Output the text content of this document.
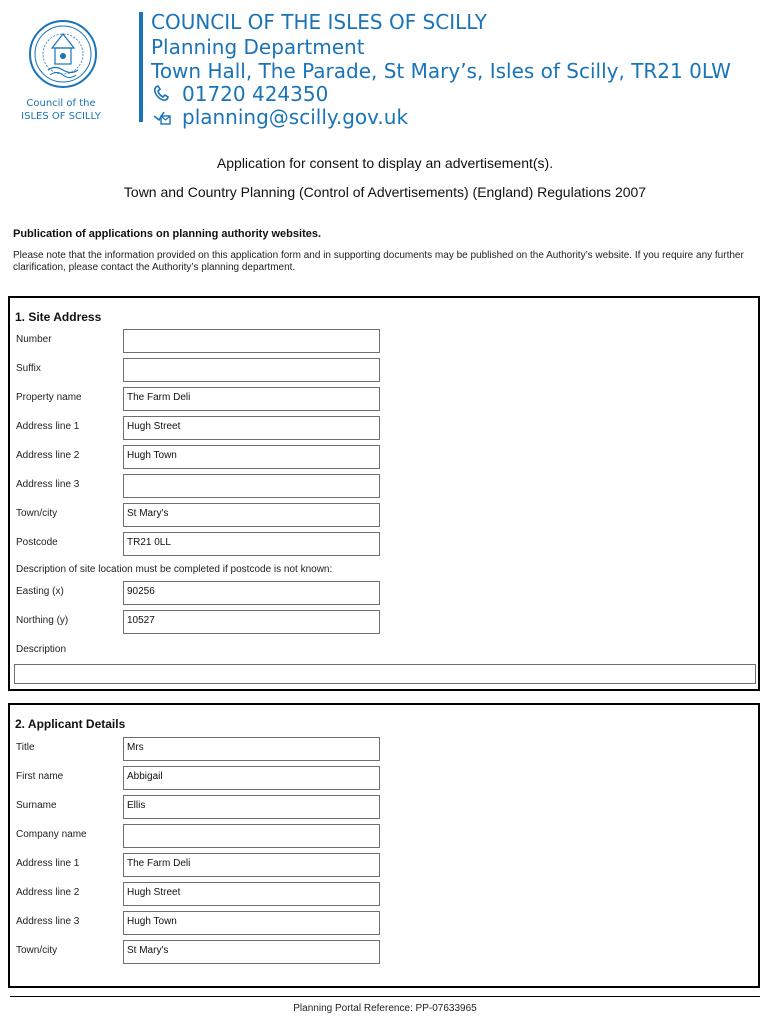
Council of the
ISLES OF SCILLY
COUNCIL OF THE ISLES OF SCILLY
Planning Department
Town Hall, The Parade, St Mary’s, Isles of Scilly, TR21 0LW
01720 424350
planning@scilly.gov.uk
Application for consent to display an advertisement(s).
Town and Country Planning (Control of Advertisements) (England) Regulations 2007
Publication of applications on planning authority websites.
Please note that the information provided on this application form and in supporting documents may be published on the Authority’s website. If you require any further clarification, please contact the Authority’s planning department.
1. Site Address
Number
Suffix
Property name	The Farm Deli
Address line 1	Hugh Street
Address line 2	Hugh Town
Address line 3
Town/city	St Mary's
Postcode	TR21 0LL
Description of site location must be completed if postcode is not known:
Easting (x)	90256
Northing (y)	10527
Description
2. Applicant Details
Title	Mrs
First name	Abbigail
Surname	Ellis
Company name
Address line 1	The Farm Deli
Address line 2	Hugh Street
Address line 3	Hugh Town
Town/city	St Mary's
Planning Portal Reference: PP-07633965
